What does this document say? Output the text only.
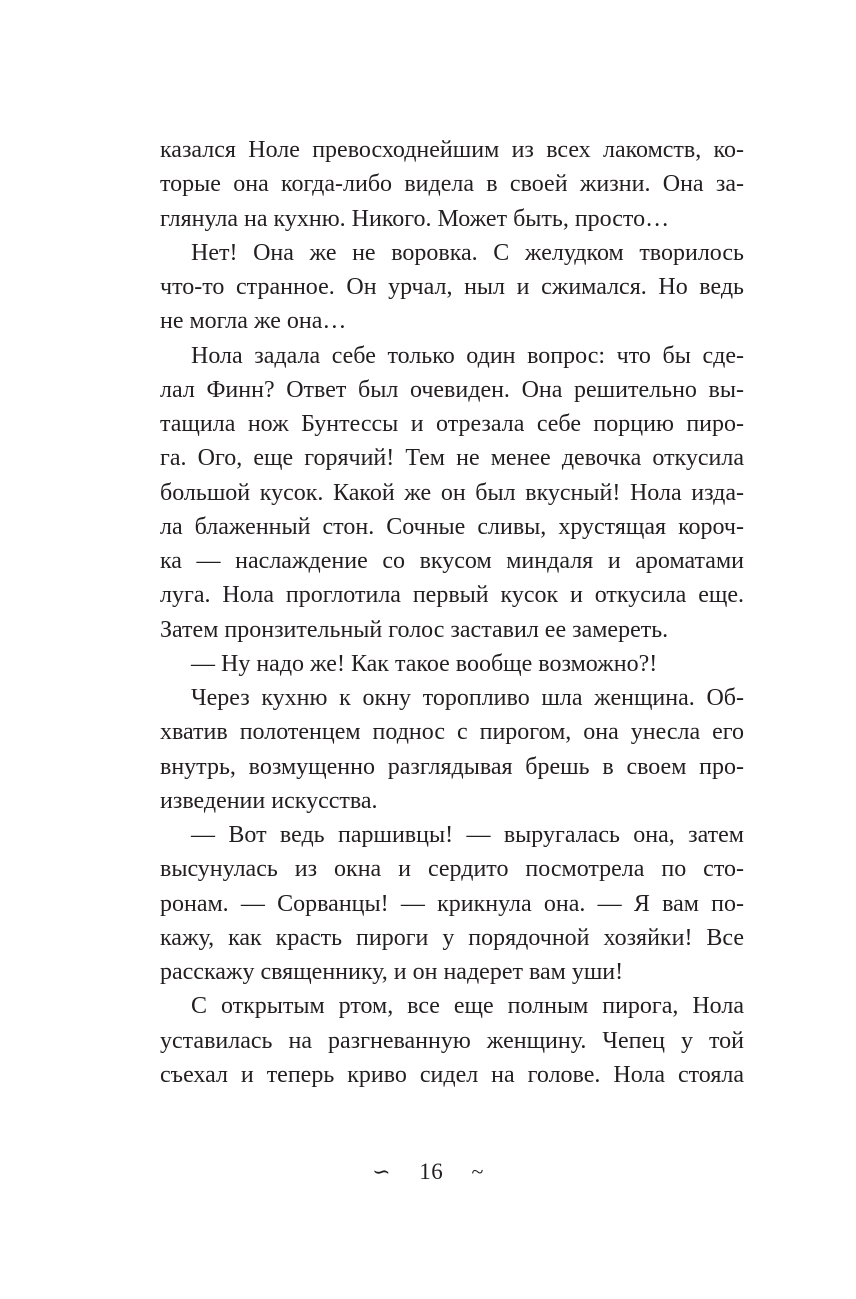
казался Ноле превосходнейшим из всех лакомств, ко-
торые она когда-либо видела в своей жизни. Она за-
глянула на кухню. Никого. Может быть, просто…
Нет! Она же не воровка. С желудком творилось
что-то странное. Он урчал, ныл и сжимался. Но ведь
не могла же она…
Нола задала себе только один вопрос: что бы сде-
лал Финн? Ответ был очевиден. Она решительно вы-
тащила нож Бунтессы и отрезала себе порцию пиро-
га. Ого, еще горячий! Тем не менее девочка откусила
большой кусок. Какой же он был вкусный! Нола изда-
ла блаженный стон. Сочные сливы, хрустящая короч-
ка — наслаждение со вкусом миндаля и ароматами
луга. Нола проглотила первый кусок и откусила еще.
Затем пронзительный голос заставил ее замереть.
— Ну надо же! Как такое вообще возможно?!
Через кухню к окну торопливо шла женщина. Об-
хватив полотенцем поднос с пирогом, она унесла его
внутрь, возмущенно разглядывая брешь в своем про-
изведении искусства.
— Вот ведь паршивцы! — выругалась она, затем
высунулась из окна и сердито посмотрела по сто-
ронам. — Сорванцы! — крикнула она. — Я вам по-
кажу, как красть пироги у порядочной хозяйки! Все
расскажу священнику, и он надерет вам уши!
С открытым ртом, все еще полным пирога, Нола
уставилась на разгневанную женщину. Чепец у той
съехал и теперь криво сидел на голове. Нола стояла
∽ 16 ~
